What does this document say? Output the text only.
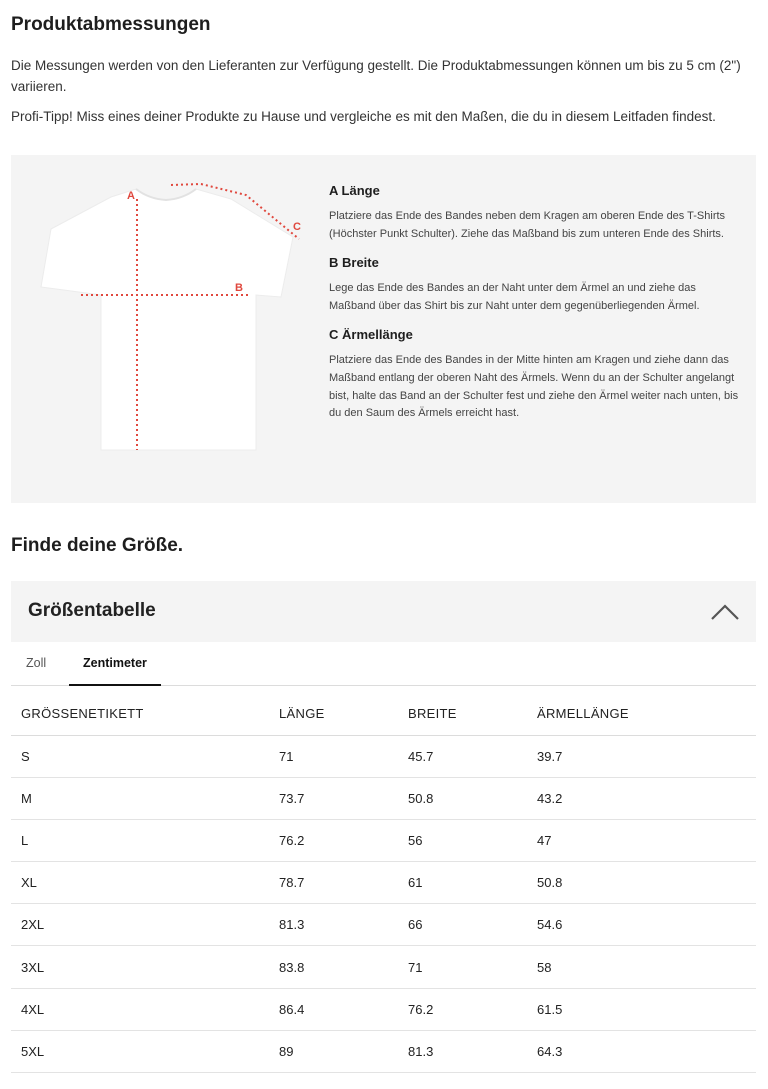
Produktabmessungen

Die Messungen werden von den Lieferanten zur Verfügung gestellt. Die Produktabmessungen können um bis zu 5 cm (2") variieren.

Profi-Tipp! Miss eines deiner Produkte zu Hause und vergleiche es mit den Maßen, die du in diesem Leitfaden findest.

A
B
C
A Länge

Platziere das Ende des Bandes neben dem Kragen am oberen Ende des T-Shirts (Höchster Punkt Schulter). Ziehe das Maßband bis zum unteren Ende des Shirts.

B Breite

Lege das Ende des Bandes an der Naht unter dem Ärmel an und ziehe das Maßband über das Shirt bis zur Naht unter dem gegenüberliegenden Ärmel.

C Ärmellänge

Platziere das Ende des Bandes in der Mitte hinten am Kragen und ziehe dann das Maßband entlang der oberen Naht des Ärmels. Wenn du an der Schulter angelangt bist, halte das Band an der Schulter fest und ziehe den Ärmel weiter nach unten, bis du den Saum des Ärmels erreicht hast.

Finde deine Größe.
Größentabelle
Zoll	Zentimeter
GRÖSSENETIKETT	LÄNGE	BREITE	ÄRMELLÄNGE
S	71	45.7	39.7
M	73.7	50.8	43.2
L	76.2	56	47
XL	78.7	61	50.8
2XL	81.3	66	54.6
3XL	83.8	71	58
4XL	86.4	76.2	61.5
5XL	89	81.3	64.3
